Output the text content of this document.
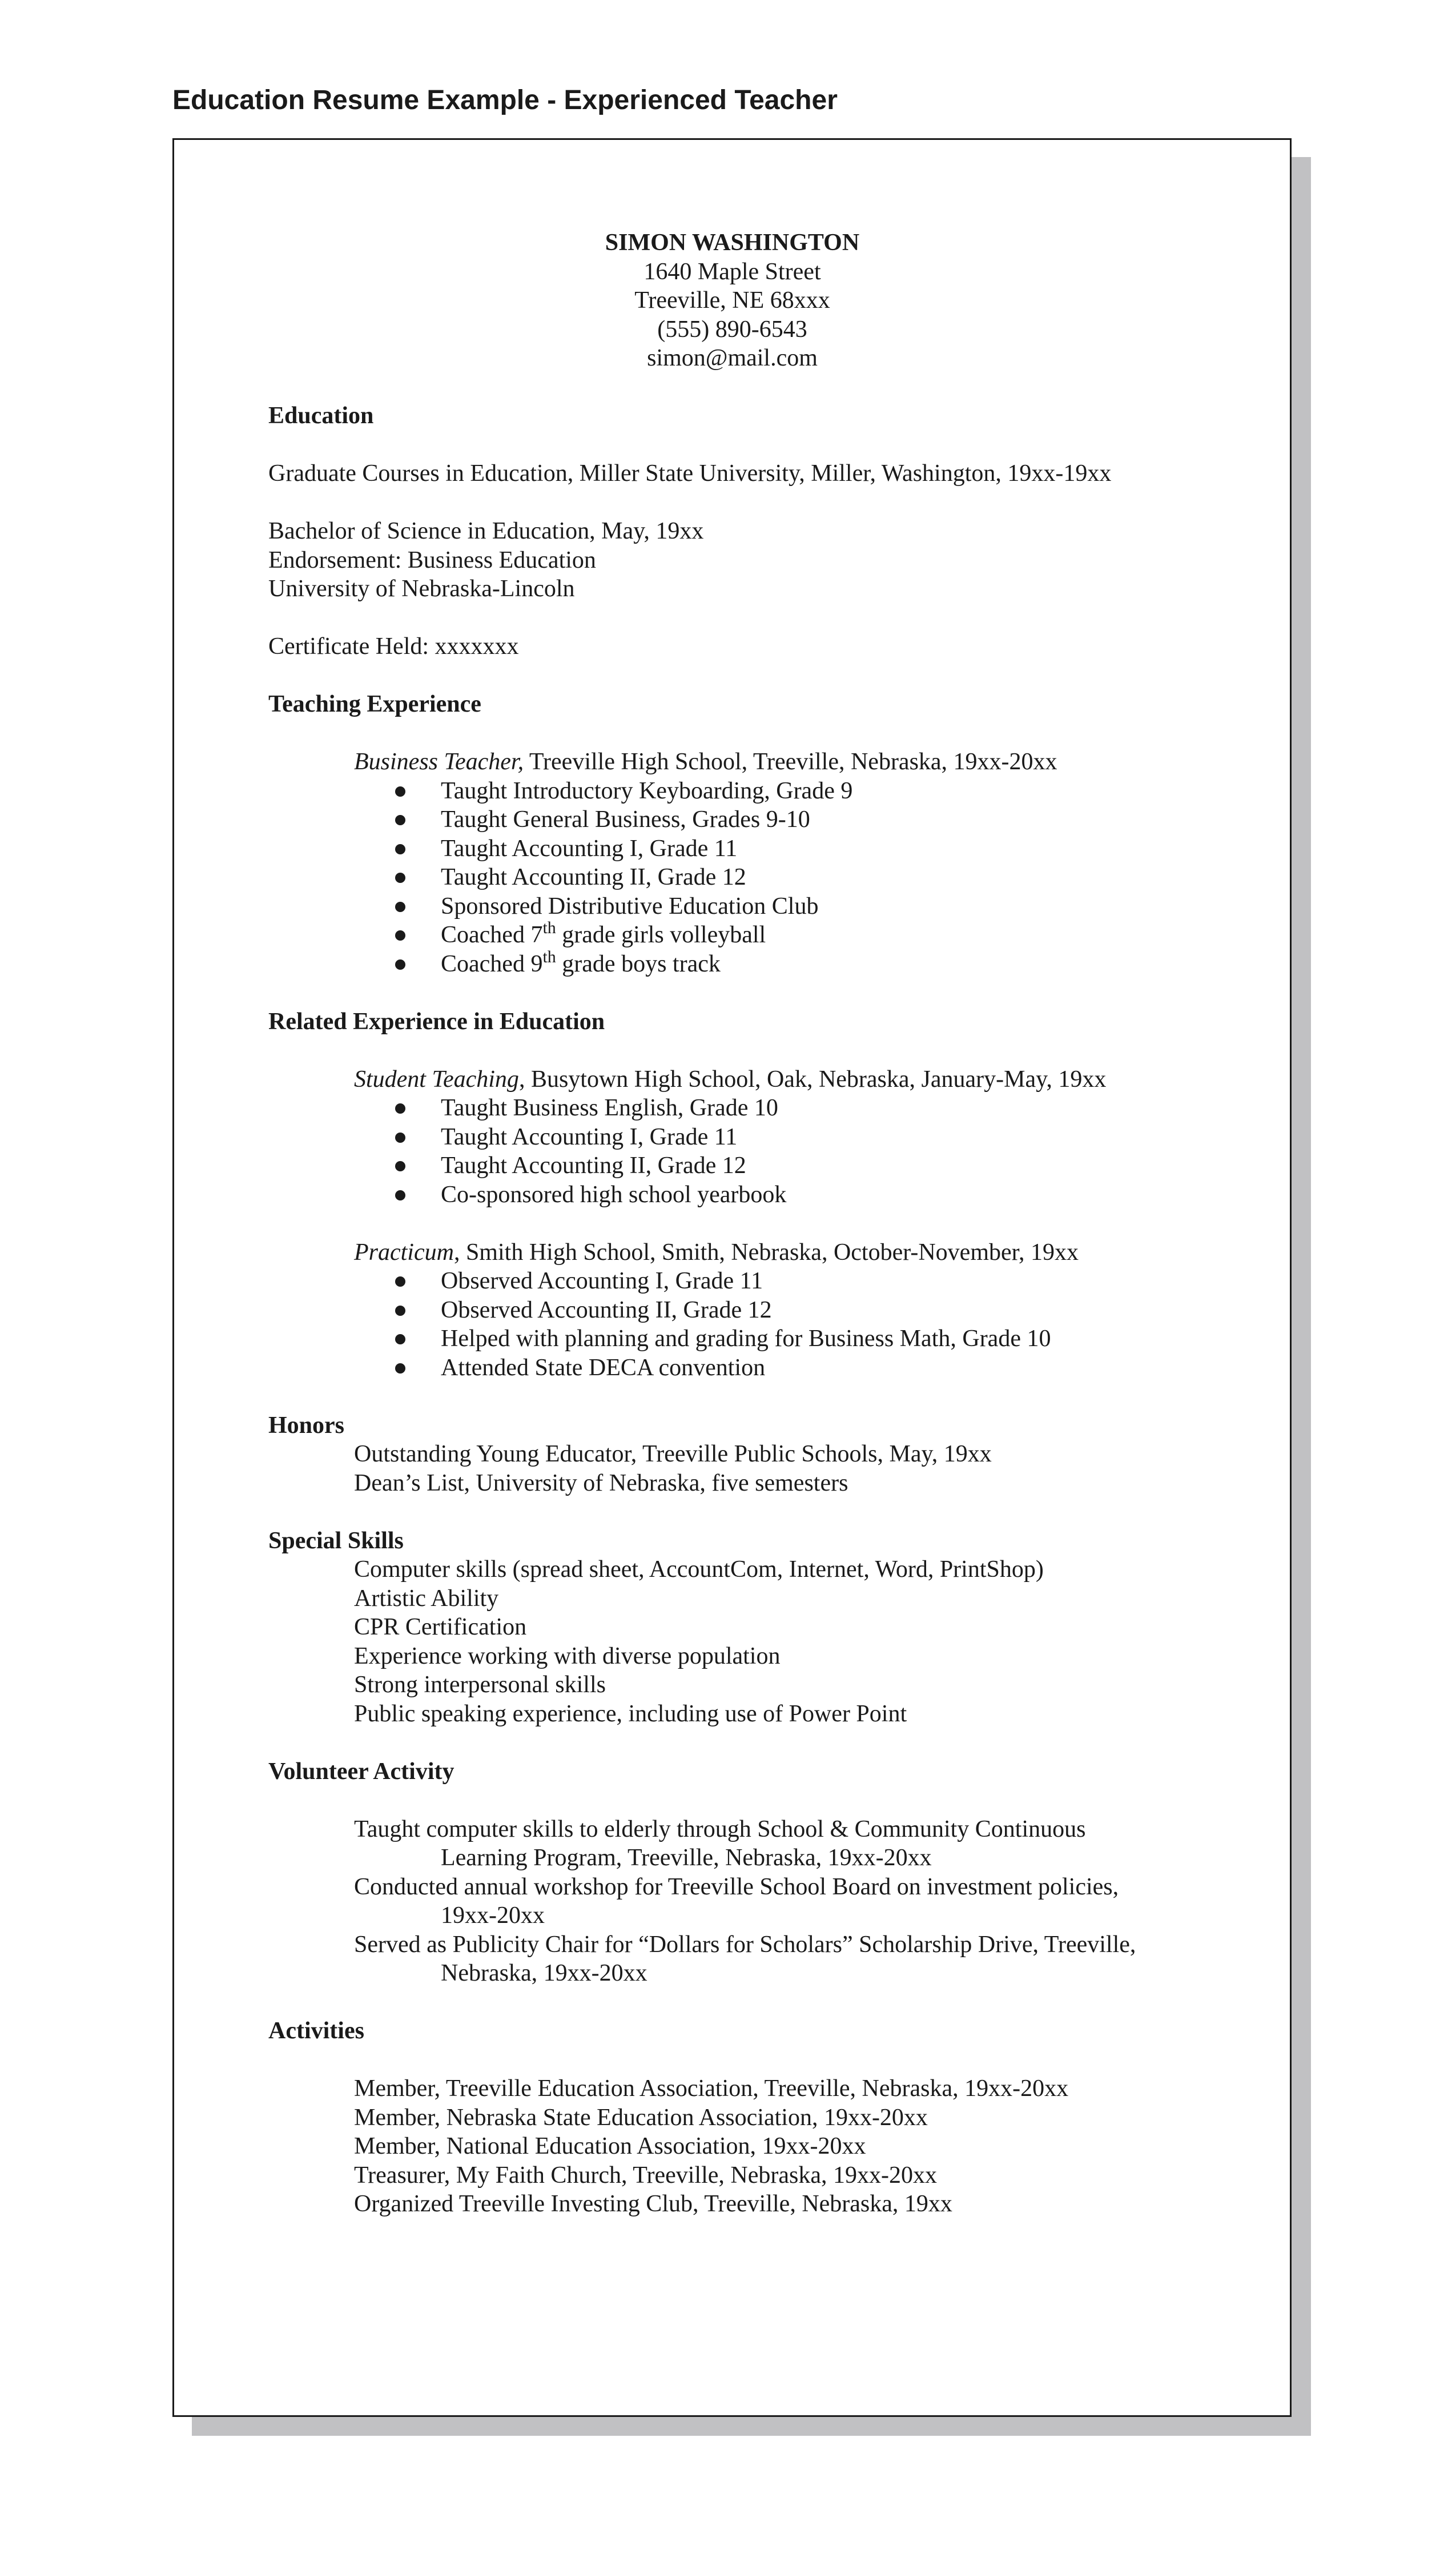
Education Resume Example - Experienced Teacher
SIMON WASHINGTON
1640 Maple Street
Treeville, NE 68xxx
(555) 890-6543
simon@mail.com
Education
Graduate Courses in Education, Miller State University, Miller, Washington, 19xx-19xx
Bachelor of Science in Education, May, 19xx
Endorsement: Business Education
University of Nebraska-Lincoln
Certificate Held: xxxxxxx
Teaching Experience
Business Teacher, Treeville High School, Treeville, Nebraska, 19xx-20xx
Taught Introductory Keyboarding, Grade 9
Taught General Business, Grades 9-10
Taught Accounting I, Grade 11
Taught Accounting II, Grade 12
Sponsored Distributive Education Club
Coached 7th grade girls volleyball
Coached 9th grade boys track
Related Experience in Education
Student Teaching, Busytown High School, Oak, Nebraska, January-May, 19xx
Taught Business English, Grade 10
Taught Accounting I, Grade 11
Taught Accounting II, Grade 12
Co-sponsored high school yearbook
Practicum, Smith High School, Smith, Nebraska, October-November, 19xx
Observed Accounting I, Grade 11
Observed Accounting II, Grade 12
Helped with planning and grading for Business Math, Grade 10
Attended State DECA convention
Honors
Outstanding Young Educator, Treeville Public Schools, May, 19xx
Dean’s List, University of Nebraska, five semesters
Special Skills
Computer skills (spread sheet, AccountCom, Internet, Word, PrintShop)
Artistic Ability
CPR Certification
Experience working with diverse population
Strong interpersonal skills
Public speaking experience, including use of Power Point
Volunteer Activity
Taught computer skills to elderly through School & Community Continuous
Learning Program, Treeville, Nebraska, 19xx-20xx
Conducted annual workshop for Treeville School Board on investment policies,
19xx-20xx
Served as Publicity Chair for “Dollars for Scholars” Scholarship Drive, Treeville,
Nebraska, 19xx-20xx
Activities
Member, Treeville Education Association, Treeville, Nebraska, 19xx-20xx
Member, Nebraska State Education Association, 19xx-20xx
Member, National Education Association, 19xx-20xx
Treasurer, My Faith Church, Treeville, Nebraska, 19xx-20xx
Organized Treeville Investing Club, Treeville, Nebraska, 19xx
